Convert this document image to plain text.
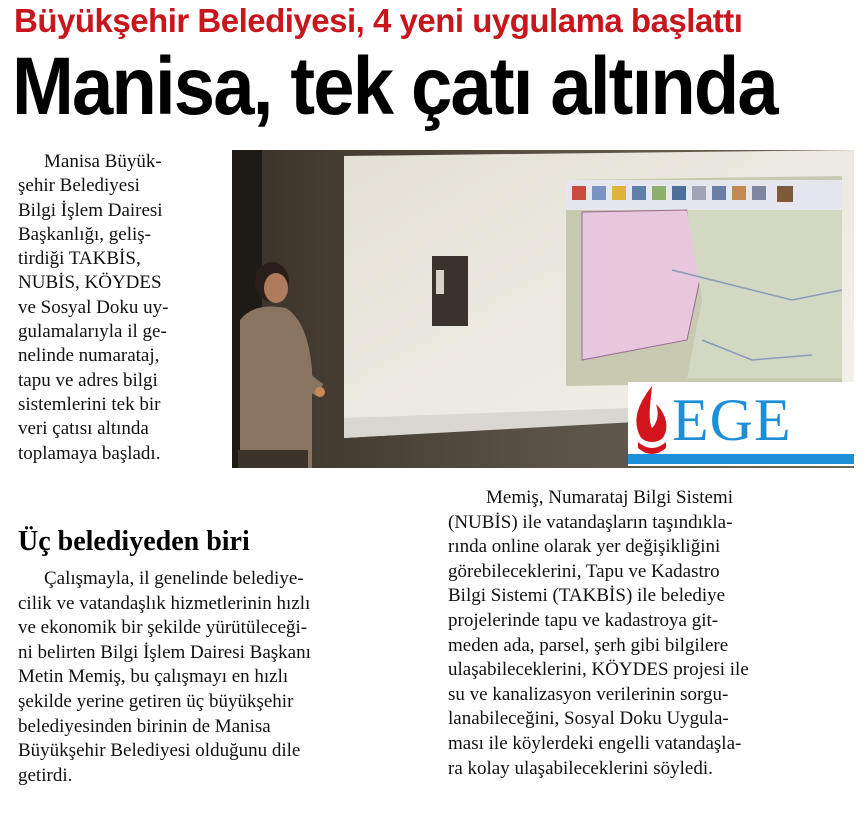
Büyükşehir Belediyesi, 4 yeni uygulama başlattı
Manisa, tek çatı altında

Manisa Büyük-
şehir Belediyesi
Bilgi İşlem Dairesi
Başkanlığı, geliş-
tirdiği TAKBİS,
NUBİS, KÖYDES
ve Sosyal Doku uy-
gulamalarıyla il ge-
nelinde numarataj,
tapu ve adres bilgi
sistemlerini tek bir
veri çatısı altında
toplamaya başladı.

EGE
Üç belediyeden biri

Çalışmayla, il genelinde belediye-
cilik ve vatandaşlık hizmetlerinin hızlı
ve ekonomik bir şekilde yürütüleceği-
ni belirten Bilgi İşlem Dairesi Başkanı
Metin Memiş, bu çalışmayı en hızlı
şekilde yerine getiren üç büyükşehir
belediyesinden birinin de Manisa
Büyükşehir Belediyesi olduğunu dile
getirdi.

Memiş, Numarataj Bilgi Sistemi
(NUBİS) ile vatandaşların taşındıkla-
rında online olarak yer değişikliğini
görebileceklerini, Tapu ve Kadastro
Bilgi Sistemi (TAKBİS) ile belediye
projelerinde tapu ve kadastroya git-
meden ada, parsel, şerh gibi bilgilere
ulaşabileceklerini, KÖYDES projesi ile
su ve kanalizasyon verilerinin sorgu-
lanabileceğini, Sosyal Doku Uygula-
ması ile köylerdeki engelli vatandaşla-
ra kolay ulaşabileceklerini söyledi.
